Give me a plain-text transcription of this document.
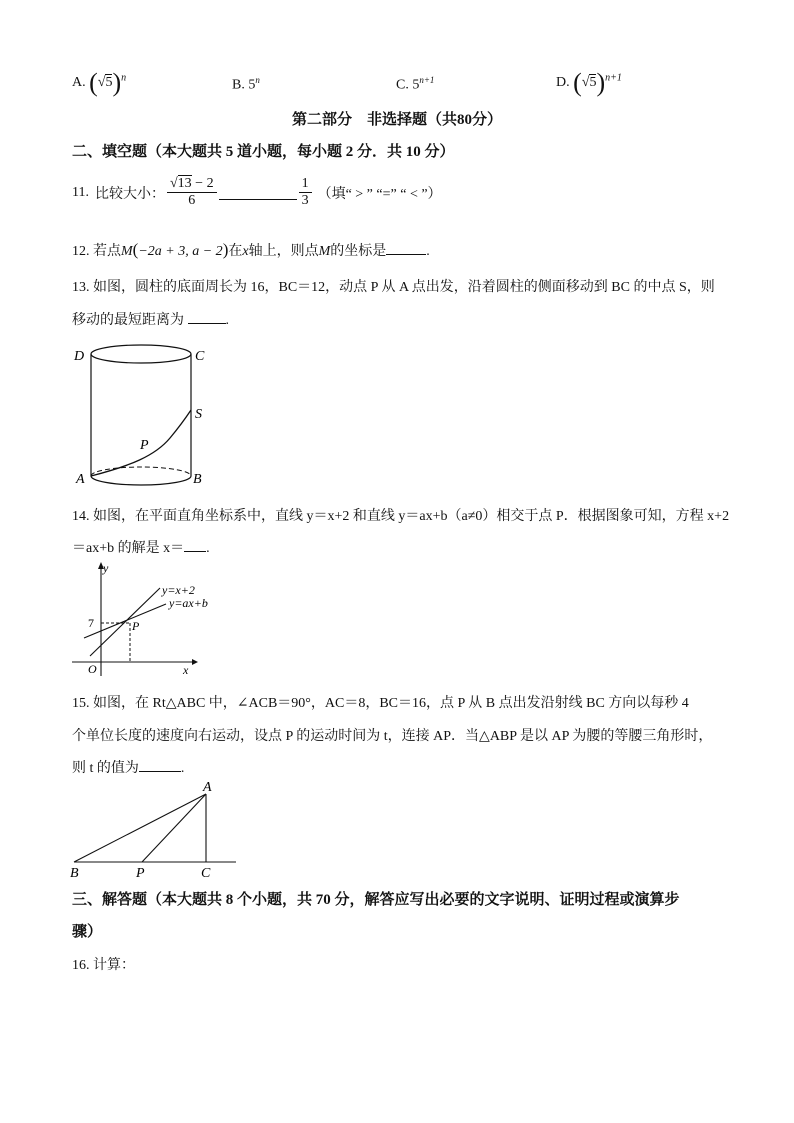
A. $(√5)^n$	B. 5$^n$	C. $5^{n+1}$	D. $(√5)^{n+1}$
第二部分　非选择题（共80分）
二、填空题（本大题共 5 道小题，每小题 2 分．共 10 分）
11. 比较大小： $\frac{√13 - 2}{6}$	$\frac{1}{3}$ （填“ > ” “=” “ < ”）
12. 若点M(−2a + 3, a − 2)在x轴上，则点M的坐标是	.
13. 如图，圆柱的底面周长为 16，BC＝12，动点 P 从 A 点出发，沿着圆柱的侧面移动到 BC 的中点 S，则
移动的最短距离为	.
D	C
S
P
A	B
14. 如图，在平面直角坐标系中，直线 y＝x+2 和直线 y＝ax+b（a≠0）相交于点 P．根据图象可知，方程 x+2
＝ax+b 的解是 x＝ .
y
x
O
7	P
y=x+2
y=ax+b
15. 如图，在 Rt△ABC 中，∠ACB＝90°，AC＝8，BC＝16，点 P 从 B 点出发沿射线 BC 方向以每秒 4
个单位长度的速度向右运动，设点 P 的运动时间为 t，连接 AP．当△ABP 是以 AP 为腰的等腰三角形时，
则 t 的值为	.
A
B	P	C
三、解答题（本大题共 8 个小题，共 70 分，解答应写出必要的文字说明、证明过程或演算步
骤）
16. 计算：
